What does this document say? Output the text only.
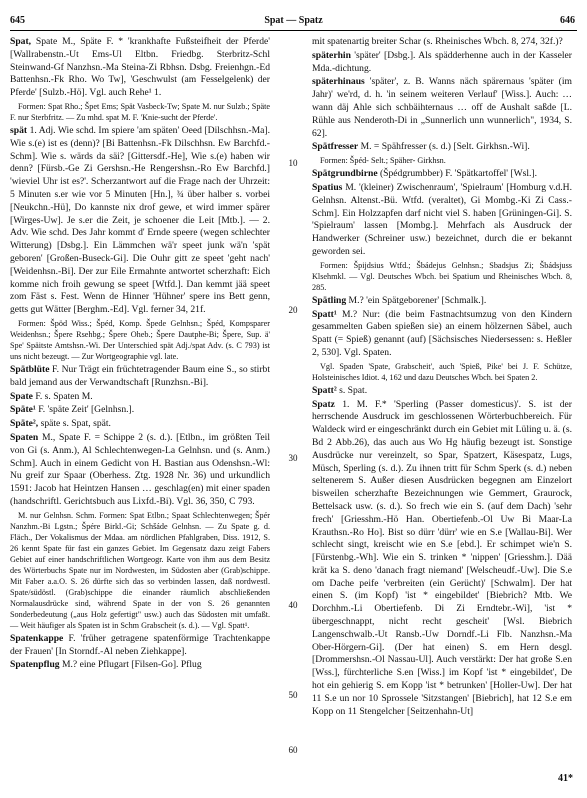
645	Spat — Spatz	646
Spat, Spate M., Späte F. * 'krankhafte Fußsteifheit der Pferde' [Wallrabenstn.-Ut Ems-Ul Eltbn. Friedbg. Sterbritz-Schl Steinwand-Gf Nanzhsn.-Ma Steina-Zi Rbhsn. Dsbg. Freienhgn.-Ed Battenhsn.-Fk Rho. Wo Tw], 'Geschwulst (am Fesselgelenk) der Pferde' [Sulzb.-Hö]. Vgl. auch Rehe¹ 1.
Formen: Spat Rho.; Špet Ems; Spät Vasbeck-Tw; Spate M. nur Sulzb.; Späte F. nur Sterbfritz. — Zu mhd. spat M. F. 'Knie-sucht der Pferde'.
spät 1. Adj. Wie schd. Im spiere 'am späten' Oeed [Dilschhsn.-Ma]. Wie s.(e) ist es (denn)? [Bi Battenhsn.-Fk Dilschhsn. Ew Barchfd.-Schm]. Wie s. wärds da säi? [Gittersdf.-He], Wie s.(e) haben wir denn? [Fürsb.-Ge Zi Gershsn.-He Rengershsn.-Ro Ew Barchfd.] 'wieviel Uhr ist es?'. Scherzantwort auf die Frage nach der Uhrzeit: 5 Minuten s.er wie vor 5 Minuten [Hn.], ¾ über halber s. vorbei [Neukchn.-Hü], Do kannste nix drof gewe, et wird immer spärer [Wirges-Uw]. Je s.er die Zeit, je schoener die Leit [Mtb.]. — 2. Adv. Wie schd. Des Jahr kommt d' Ernde speere (wegen schlechter Witterung) [Dsbg.]. Ein Lämmchen wä'r speet junk wä'n 'spät geboren' [Großen-Buseck-Gi]. Die Ouhr gitt ze speet 'geht nach' [Weidenhsn.-Bi]. Der zur Eile Ermahnte antwortet scherzhaft: Eich komme nich froih gewung se speet [Wtfd.]. Dan kemmt jää speet zom Fäst s. Fest. Wenn de Hinner 'Hühner' spere ins Bett genn, getts gut Wätter [Berghm.-Ed]. Vgl. ferner 34, 21f.
Formen: Špöd Wiss.; Špéd, Komp. Špede Gelnhsn.; Špéd, Kompsparer Weidenhsn.; Špere Rsehbg.; Špere Oheb.; Špere Dautphe-Bi; Špere, Sup. ä' Spe' Späitste Amtshsn.-Wi. Der Unterschied spät Adj./spat Adv. (s. C 793) ist uns nicht bezeugt. — Zur Wortgeographie vgl. late.
Spätblüte F. Nur Trägt ein früchtetragender Baum eine S., so stirbt bald jemand aus der Verwandtschaft [Runzhsn.-Bi].
Spate F. s. Spaten M.
Späte¹ F. 'späte Zeit' [Gelnhsn.].
Späte², späte s. Spat, spät.
Spaten M., Spate F. = Schippe 2 (s. d.). [Etlbn., im größten Teil von Gi (s. Anm.), Al Schlechtenwegen-La Gelnhsn. und (s. Anm.) Schm]. Auch in einem Gedicht von H. Bastian aus Odenshsn.-Wl: Nu greif zur Spaar (Oberhess. Ztg. 1928 Nr. 36) und urkundlich 1591: Jacob hat Heintzen Hansen … geschlag(en) mit einer spaden (handschriftl. Gerichtsbuch aus Lixfd.-Bi). Vgl. 36, 350, C 793.
M. nur Gelnhsn. Schm. Formen: Spat Etlbn.; Spaat Schlechtenwegen; Špér Nanzhm.-Bi Lgstn.; Špére Birkl.-Gi; Schšáde Gelnhsn. — Zu Spate g. d. Fläch., Der Vokalismus der Mdaa. am nördlichen Pfahlgraben, Diss. 1912, S. 26 kennt Spate für fast ein ganzes Gebiet. Im Gegensatz dazu zeigt Fabers Gebiet auf einer handschriftlichen Wortgeogr. Karte von ihm aus dem Besitz des Wörterbuchs Spate nur im Nordwesten, im Südosten aber (Grab)schippe. Mit Faber a.a.O. S. 26 dürfte sich das so verbinden lassen, daß nordwestl. Spate/südöstl. (Grab)schippe die einander räumlich abschließenden Normalausdrücke sind, während Spate in der von S. 26 genannten Sonderbedeutung („aus Holz gefertigt" usw.) auch das Südosten mit umfaßt. — Weit häufiger als Spaten ist in Schm Grabscheit (s. d.). — Vgl. Spatt¹.
Spatenkappe F. 'früher getragene spatenförmige Trachtenkappe der Frauen' [In Storndf.-Al neben Ziehkappe].
Spatenpflug M.? eine Pflugart [Filsen-Go]. Pflug
mit spatenartig breiter Schar (s. Rheinisches Wbch. 8, 274, 32f.)?
späterhin 'später' [Dsbg.]. Als spädderhenne auch in der Kasseler Mda.-dichtung.
späterhinaus 'später', z. B. Wanns näch spärernaus 'später (im Jahr)' we'rd, d. h. 'in seinem weiteren Verlauf' [Wiss.]. Auch: … wann däj Ahle sich schbäihternaus … off de Aushalt saßde [L. Rühle aus Nenderoth-Di in „Sunnerlich unn wunnerlich", 1934, S. 62].
Spätfresser M. = Spähfresser (s. d.) [Selt. Girkhsn.-Wi].
Formen: Špéd- Selt.; Späher- Girkhsn.
Spätgrundbirne (Špédgrumbber) F. 'Spätkartoffel' [Wsl.].
Spatius M. '(kleiner) Zwischenraum', 'Spielraum' [Homburg v.d.H. Gelnhsn. Altenst.-Bü. Wtfd. (veraltet), Gi Mombg.-Ki Zi Cass.-Schm]. Ein Holzzapfen darf nicht viel S. haben [Grüningen-Gi]. S. 'Spielraum' lassen [Mombg.]. Mehrfach als Ausdruck der Handwerker (Schreiner usw.) bezeichnet, durch die er bekannt geworden sei.
Formen: Špijdsius Wtfd.; Šbádejus Gelnhsn.; Sbadsjus Zi; Šbádsjuss Klsehmkl. — Vgl. Deutsches Wbch. bei Spatium und Rheinisches Wbch. 8, 285.
Spätling M.? 'ein Spätgeborener' [Schmalk.].
Spatt¹ M.? Nur: (die beim Fastnachtsumzug von den Kindern gesammelten Gaben spießen sie) an einem hölzernen Säbel, auch Spatt (= Spieß) genannt (auf) [Sächsisches Niedersessen: s. Heßler 2, 530]. Vgl. Spaten.
Vgl. Spaden 'Spate, Grabscheit', auch 'Spieß, Pike' bei J. F. Schütze, Holsteinisches Idiot. 4, 162 und dazu Deutsches Wbch. bei Spaten 2.
Spatt² s. Spat.
Spatz 1. M. F.* 'Sperling (Passer domesticus)'. S. ist der herrschende Ausdruck im geschlossenen Wörterbuchbereich. Für Waldeck wird er eingeschränkt durch ein Gebiet mit Lüling u. ä. (s. Bd 2 Abb.26), das auch aus Wo Hg häufig bezeugt ist. Sonstige Ausdrücke nur vereinzelt, so Spar, Spatzert, Käsespatz, Lugs, Müsch, Sperling (s. d.). Zu ihnen tritt für Schm Sperk (s. d.) neben seltenerem S. Außer diesen Ausdrücken begegnen am Einzelort bisweilen scherzhafte Bezeichnungen wie Gemmert, Graurock, Bettelsack usw. (s. d.). So frech wie ein S. (auf dem Dach) 'sehr frech' [Griesshm.-Hö Han. Obertiefenb.-Ol Uw Bi Maar-La Krauthsn.-Ro Ho]. Bist so dürr 'dürr' wie en S.e [Wallau-Bi]. Wer schlecht singt, kreischt wie en S.e [ebd.]. Er schimpet wie'n S. [Fürstenbg.-Wh]. Wie ein S. trinken * 'nippen' [Griesshm.]. Dää krät ka S. deno 'danach fragt niemand' [Welscheudf.-Uw]. Die S.e om Dache peife 'verbreiten (ein Gerücht)' [Schwalm]. Der hat einen S. (im Kopf) 'ist * eingebildet' [Biebrich? Mtb. We Dorchhm.-Li Obertiefenb. Di Zi Erndtebr.-Wi], 'ist * übergeschnappt, nicht recht gescheit' [Wsl. Biebrich Langenschwalb.-Ut Ransb.-Uw Dorndf.-Li Flb. Nanzhsn.-Ma Ober-Hörgern-Gi]. (Der hat einen) S. em Hern desgl. [Drommershsn.-Ol Nassau-Ul]. Auch verstärkt: Der hat große S.en [Wss.], fürchterliche S.en [Wiss.] im Kopf 'ist * eingebildet', De hot ein gehierig S. em Kopp 'ist * betrunken' [Holler-Uw]. Der hat 11 S.e un nor 10 Sprossele 'Sitzstangen' [Biebrich], hat 12 S.e em Kopp on 11 Stengelcher [Seitzenhahn-Ut]
10
20
30
40
50
60
41*
